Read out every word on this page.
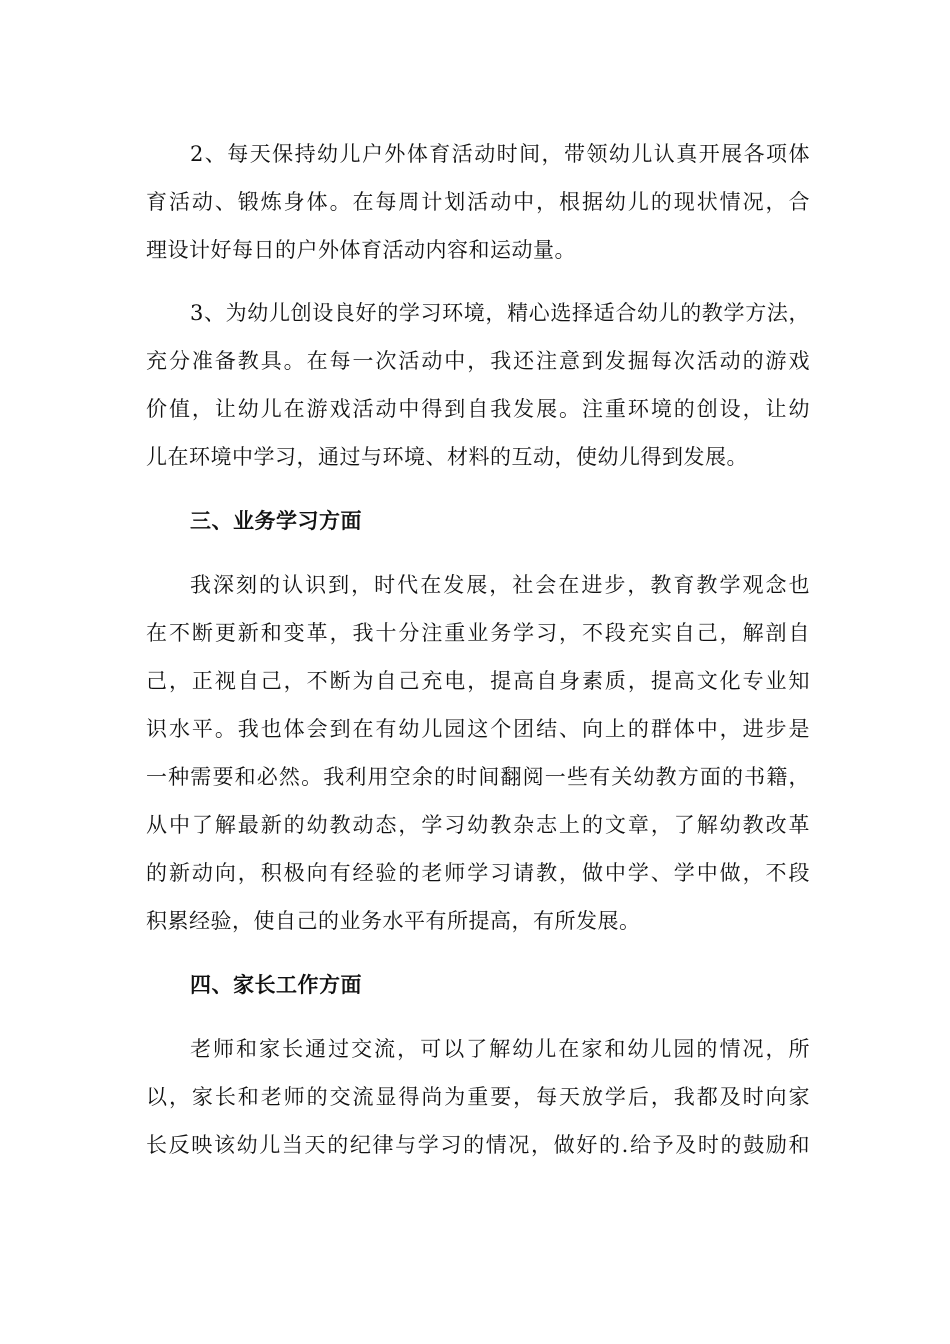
2、每天保持幼儿户外体育活动时间，带领幼儿认真开展各项体
育活动、锻炼身体。在每周计划活动中，根据幼儿的现状情况，合
理设计好每日的户外体育活动内容和运动量。
3、为幼儿创设良好的学习环境，精心选择适合幼儿的教学方法，
充分准备教具。在每一次活动中，我还注意到发掘每次活动的游戏
价值，让幼儿在游戏活动中得到自我发展。注重环境的创设，让幼
儿在环境中学习，通过与环境、材料的互动，使幼儿得到发展。
三、业务学习方面
我深刻的认识到，时代在发展，社会在进步，教育教学观念也
在不断更新和变革，我十分注重业务学习，不段充实自己，解剖自
己，正视自己，不断为自己充电，提高自身素质，提高文化专业知
识水平。我也体会到在有幼儿园这个团结、向上的群体中，进步是
一种需要和必然。我利用空余的时间翻阅一些有关幼教方面的书籍，
从中了解最新的幼教动态，学习幼教杂志上的文章，了解幼教改革
的新动向，积极向有经验的老师学习请教，做中学、学中做，不段
积累经验，使自己的业务水平有所提高，有所发展。
四、家长工作方面
老师和家长通过交流，可以了解幼儿在家和幼儿园的情况，所
以，家长和老师的交流显得尚为重要，每天放学后，我都及时向家
长反映该幼儿当天的纪律与学习的情况，做好的.给予及时的鼓励和
